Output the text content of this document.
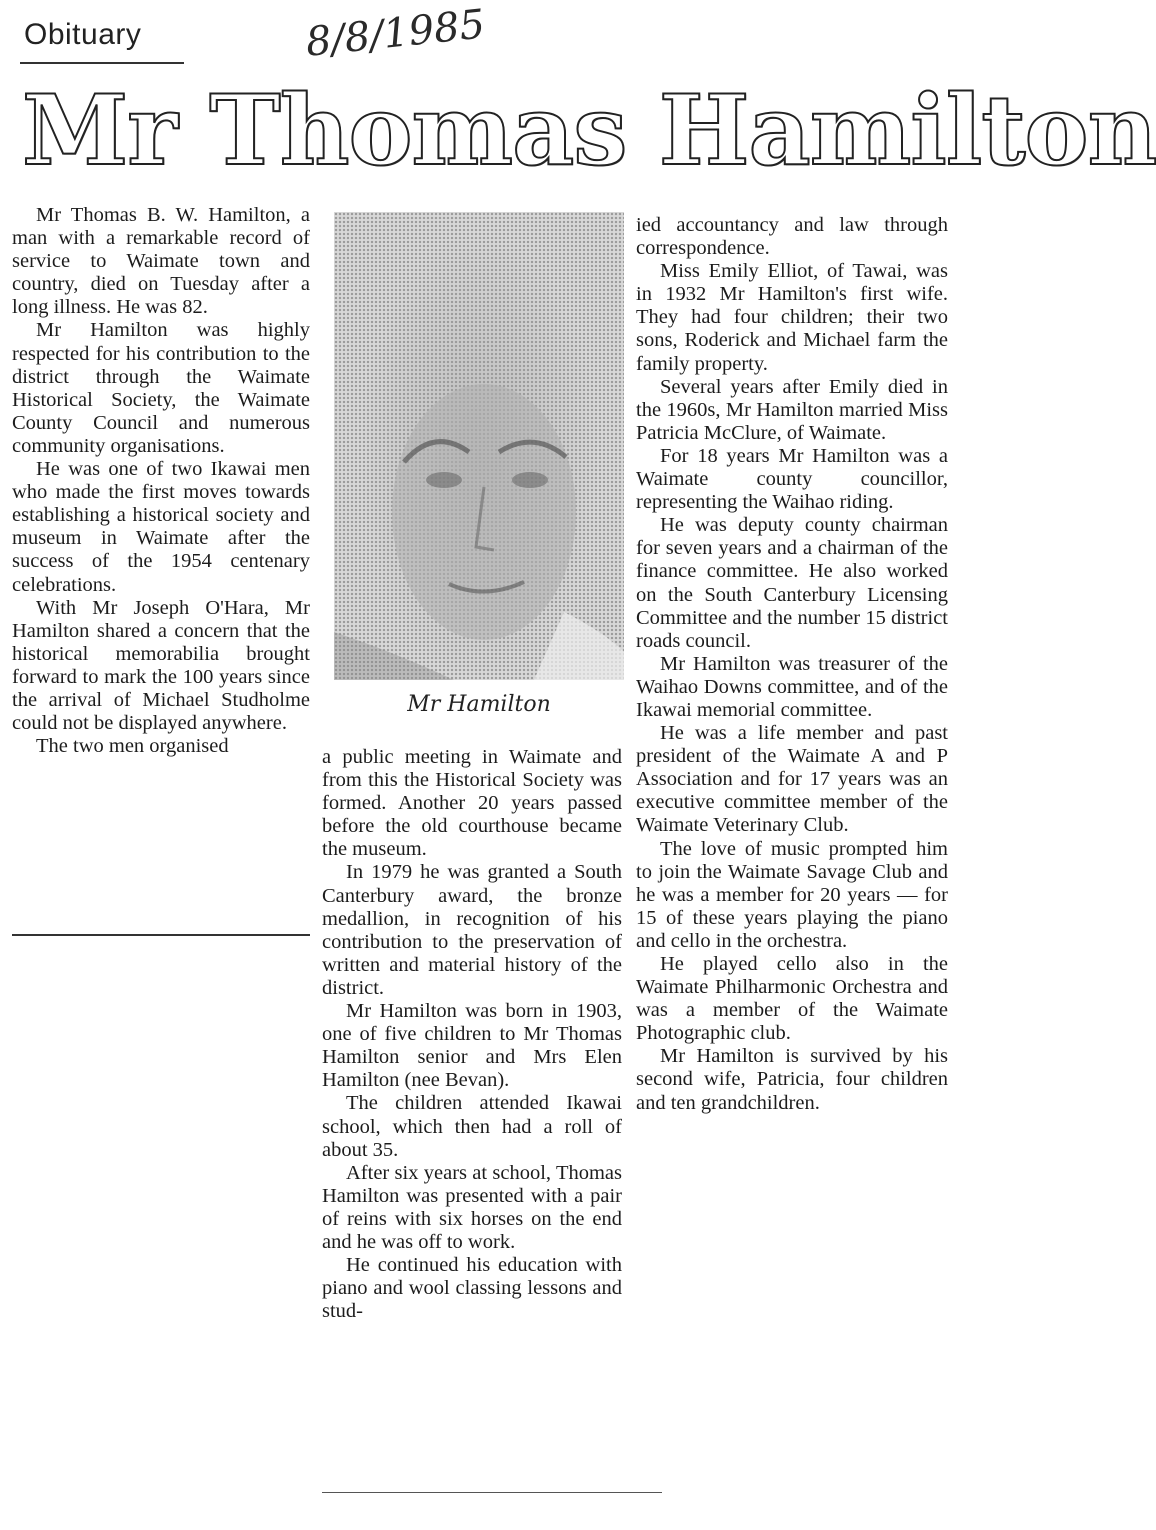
Obituary	8/8/1985
Mr Thomas Hamilton

Mr Thomas B. W. Hamilton, a man with a remarkable record of service to Waimate town and country, died on Tuesday after a long illness. He was 82.

Mr Hamilton was highly respected for his contribution to the district through the Waimate Historical Society, the Waimate County Council and numerous community organisations.

He was one of two Ikawai men who made the first moves towards establishing a historical society and museum in Waimate after the success of the 1954 centenary celebrations.

With Mr Joseph O'Hara, Mr Hamilton shared a concern that the historical memorabilia brought forward to mark the 100 years since the arrival of Michael Studholme could not be displayed anywhere.

The two men organised

Mr Hamilton

a public meeting in Waimate and from this the Historical Society was formed. Another 20 years passed before the old courthouse became the museum.

In 1979 he was granted a South Canterbury award, the bronze medallion, in recognition of his contribution to the preservation of written and material history of the district.

Mr Hamilton was born in 1903, one of five children to Mr Thomas Hamilton senior and Mrs Elen Hamilton (nee Bevan).

The children attended Ikawai school, which then had a roll of about 35.

After six years at school, Thomas Hamilton was presented with a pair of reins with six horses on the end and he was off to work.

He continued his education with piano and wool classing lessons and stud-

ied accountancy and law through correspondence.

Miss Emily Elliot, of Tawai, was in 1932 Mr Hamilton's first wife. They had four children; their two sons, Roderick and Michael farm the family property.

Several years after Emily died in the 1960s, Mr Hamilton married Miss Patricia McClure, of Waimate.

For 18 years Mr Hamilton was a Waimate county councillor, representing the Waihao riding.

He was deputy county chairman for seven years and a chairman of the finance committee. He also worked on the South Canterbury Licensing Committee and the number 15 district roads council.

Mr Hamilton was treasurer of the Waihao Downs committee, and of the Ikawai memorial committee.

He was a life member and past president of the Waimate A and P Association and for 17 years was an executive committee member of the Waimate Veterinary Club.

The love of music prompted him to join the Waimate Savage Club and he was a member for 20 years — for 15 of these years playing the piano and cello in the orchestra.

He played cello also in the Waimate Philharmonic Orchestra and was a member of the Waimate Photographic club.

Mr Hamilton is survived by his second wife, Patricia, four children and ten grandchildren.
